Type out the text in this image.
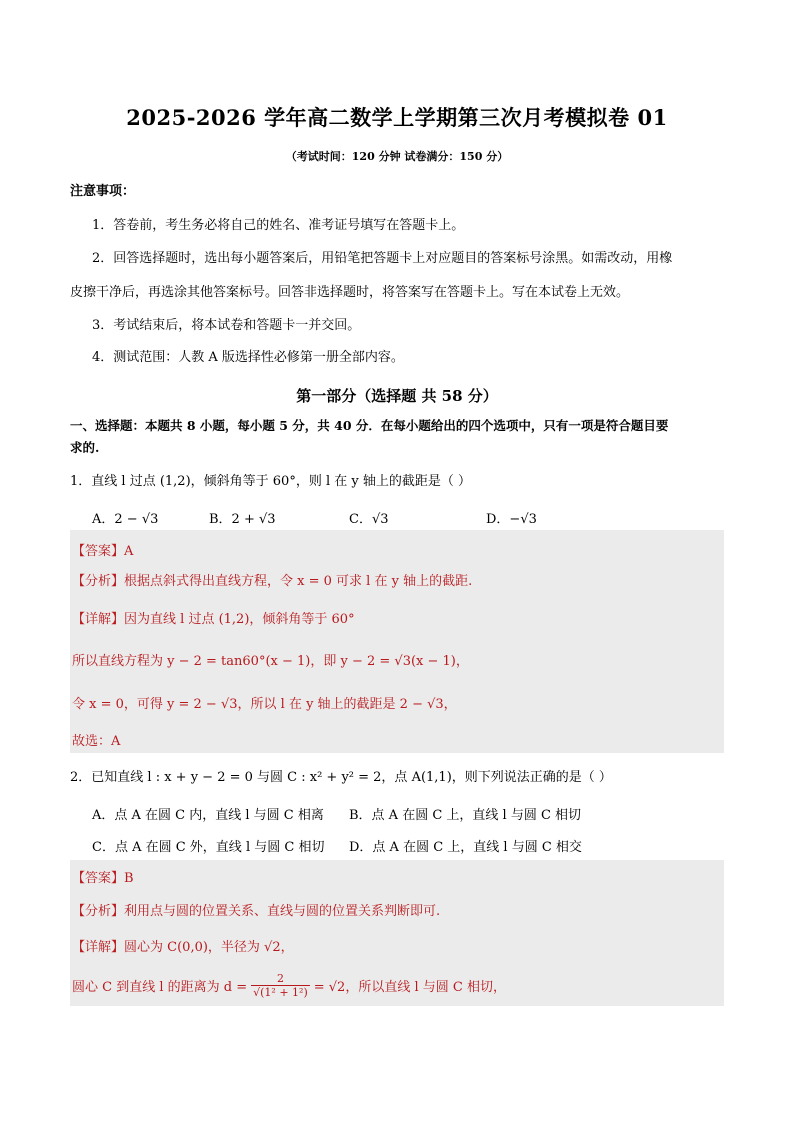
2025-2026 学年高二数学上学期第三次月考模拟卷 01
（考试时间：120 分钟 试卷满分：150 分）
注意事项：
1．答卷前，考生务必将自己的姓名、准考证号填写在答题卡上。
2．回答选择题时，选出每小题答案后，用铅笔把答题卡上对应题目的答案标号涂黑。如需改动，用橡
皮擦干净后，再选涂其他答案标号。回答非选择题时，将答案写在答题卡上。写在本试卷上无效。
3．考试结束后，将本试卷和答题卡一并交回。
4．测试范围：人教 A 版选择性必修第一册全部内容。
第一部分（选择题 共 58 分）
一、选择题：本题共 8 小题，每小题 5 分，共 40 分．在每小题给出的四个选项中，只有一项是符合题目要
求的.
1．直线 l 过点 (1,2)，倾斜角等于 60°，则 l 在 y 轴上的截距是（ ）
A．2 − √3	B．2 + √3	C．√3	D．−√3
【答案】A
【分析】根据点斜式得出直线方程，令 x = 0 可求 l 在 y 轴上的截距.
【详解】因为直线 l 过点 (1,2)，倾斜角等于 60°
所以直线方程为 y − 2 = tan60°(x − 1)，即 y − 2 = √3(x − 1)，
令 x = 0，可得 y = 2 − √3，所以 l 在 y 轴上的截距是 2 − √3，
故选：A
2．已知直线 l : x + y − 2 = 0 与圆 C : x² + y² = 2，点 A(1,1)，则下列说法正确的是（ ）
A．点 A 在圆 C 内，直线 l 与圆 C 相离 B．点 A 在圆 C 上，直线 l 与圆 C 相切
C．点 A 在圆 C 外，直线 l 与圆 C 相切 D．点 A 在圆 C 上，直线 l 与圆 C 相交
【答案】B
【分析】利用点与圆的位置关系、直线与圆的位置关系判断即可.
【详解】圆心为 C(0,0)，半径为 √2，
圆心 C 到直线 l 的距离为 $d = \frac{2}{\text{√(1² + 1²)}} = √2$，所以直线 l 与圆 C 相切，
